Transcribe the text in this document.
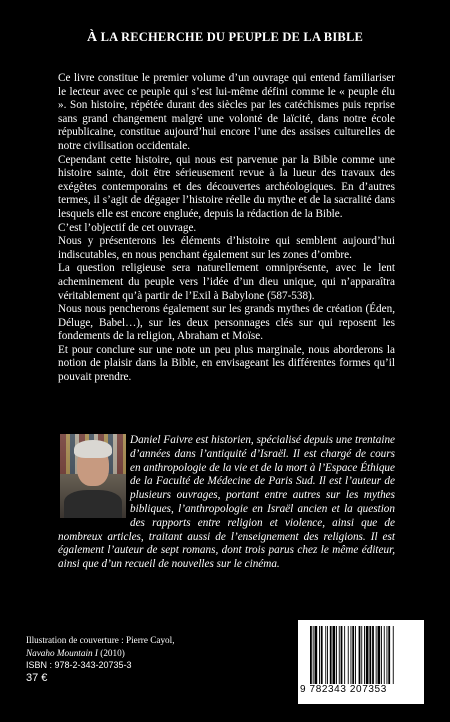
À LA RECHERCHE DU PEUPLE DE LA BIBLE

Ce livre constitue le premier volume d’un ouvrage qui entend familiariser le lecteur avec ce peuple qui s’est lui-même défini comme le « peuple élu ». Son histoire, répétée durant des siècles par les catéchismes puis reprise sans grand changement malgré une volonté de laïcité, dans notre école républicaine, constitue aujourd’hui encore l’une des assises culturelles de notre civilisation occidentale.

Cependant cette histoire, qui nous est parvenue par la Bible comme une histoire sainte, doit être sérieusement revue à la lueur des travaux des exégètes contemporains et des découvertes archéologiques. En d’autres termes, il s’agit de dégager l’histoire réelle du mythe et de la sacralité dans lesquels elle est encore engluée, depuis la rédaction de la Bible.

C’est l’objectif de cet ouvrage.

Nous y présenterons les éléments d’histoire qui semblent aujourd’hui indiscutables, en nous penchant également sur les zones d’ombre.

La question religieuse sera naturellement omniprésente, avec le lent acheminement du peuple vers l’idée d’un dieu unique, qui n’apparaîtra véritablement qu’à partir de l’Exil à Babylone (587-538).

Nous nous pencherons également sur les grands mythes de création (Éden, Déluge, Babel…), sur les deux personnages clés sur qui reposent les fondements de la religion, Abraham et Moïse.

Et pour conclure sur une note un peu plus marginale, nous aborderons la notion de plaisir dans la Bible, en envisageant les différentes formes qu’il pouvait prendre.

Daniel Faivre est historien, spécialisé depuis une trentaine d’années dans l’antiquité d’Israël. Il est chargé de cours en anthropologie de la vie et de la mort à l’Espace Éthique de la Faculté de Médecine de Paris Sud. Il est l’auteur de plusieurs ouvrages, portant entre autres sur les mythes bibliques, l’anthropologie en Israël ancien et la question des rapports entre religion et violence, ainsi que de nombreux articles, traitant aussi de l’enseignement des religions. Il est également l’auteur de sept romans, dont trois parus chez le même éditeur, ainsi que d’un recueil de nouvelles sur le cinéma.
Illustration de couverture : Pierre Cayol,
Navaho Mountain I (2010)
ISBN : 978-2-343-20735-3
37 €
9 782343 207353
